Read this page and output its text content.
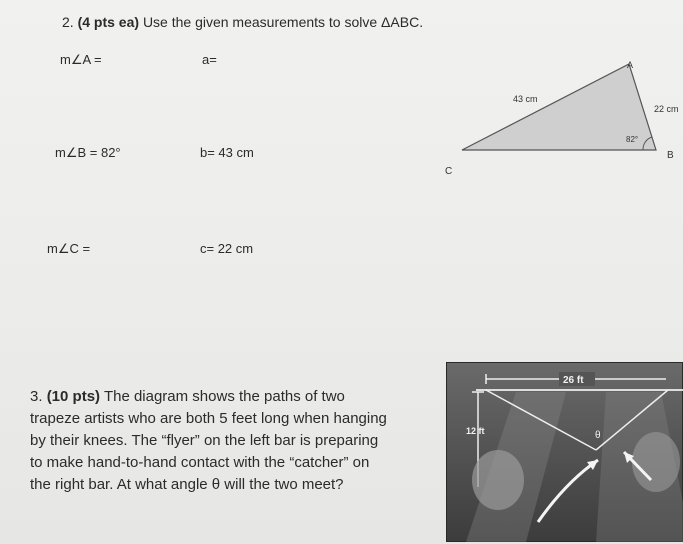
2. (4 pts ea) Use the given measurements to solve ΔABC.
m∠A =	a=
m∠B = 82°	b= 43 cm
m∠C =	c= 22 cm
A
B
C
43 cm
22 cm
82°
3. (10 pts) The diagram shows the paths of two
trapeze artists who are both 5 feet long when hanging
by their knees. The “flyer” on the left bar is preparing
to make hand-to-hand contact with the “catcher” on
the right bar. At what angle θ will the two meet?
26 ft
θ
12 ft
